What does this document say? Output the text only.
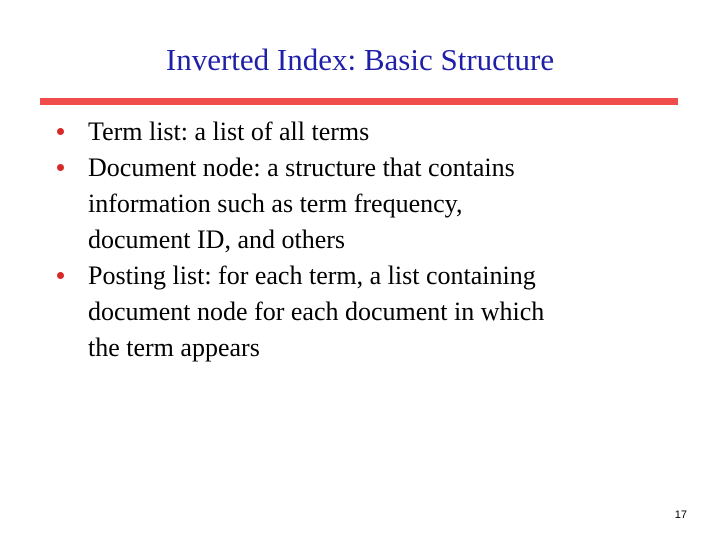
Inverted Index: Basic Structure
Term list: a list of all terms
Document node: a structure that contains
information such as term frequency,
document ID, and others
Posting list: for each term, a list containing
document node for each document in which
the term appears
17
